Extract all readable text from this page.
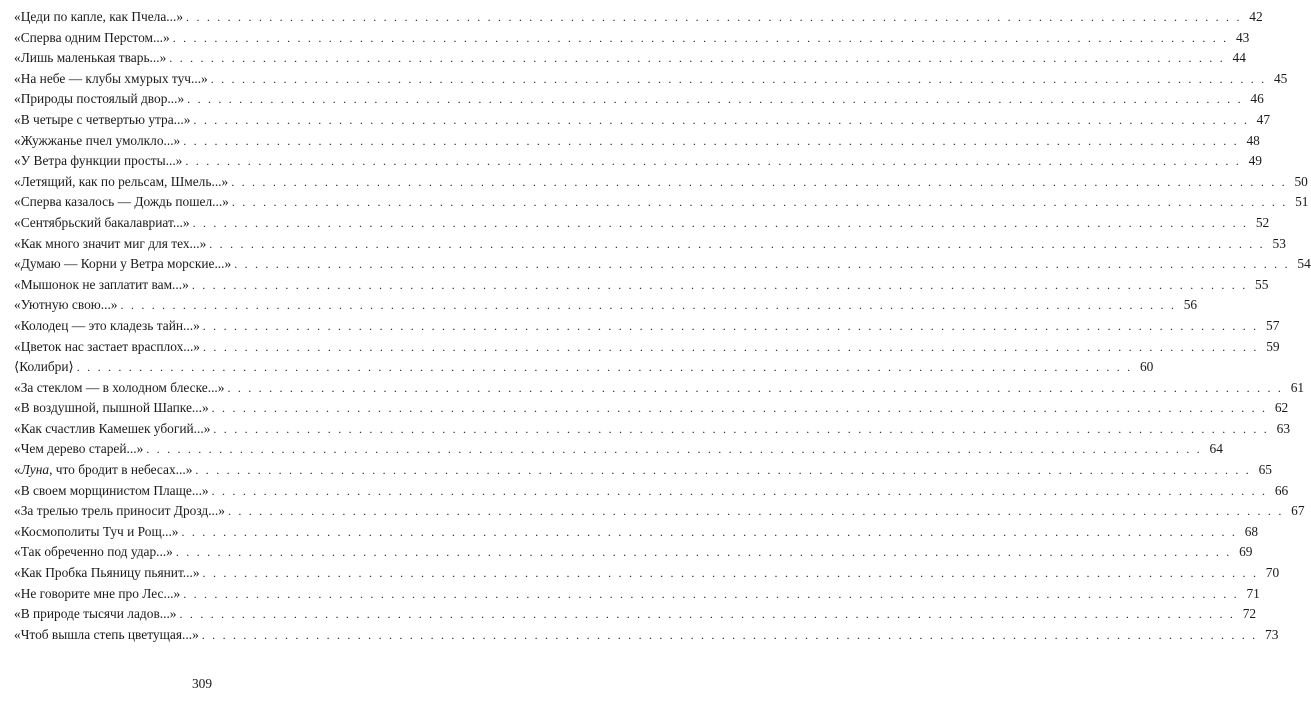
«Цеди по капле, как Пчела...» . . .	42
«Сперва одним Перстом...» . . .	43
«Лишь маленькая тварь...» . . .	44
«На небе — клубы хмурых туч...» . . .	45
«Природы постоялый двор...» . . .	46
«В четыре с четвертью утра...» . . .	47
«Жужжанье пчел умолкло...» . . .	48
«У Ветра функции просты...» . . .	49
«Летящий, как по рельсам, Шмель...» . . .	50
«Сперва казалось — Дождь пошел...» . . .	51
«Сентябрьский бакалавриат...» . . .	52
«Как много значит миг для тех...» . . .	53
«Думаю — Корни у Ветра морские...» . . .	54
«Мышонок не заплатит вам...» . . .	55
«Уютную свою...» . . .	56
«Колодец — это кладезь тайн...» . . .	57
«Цветок нас застает врасплох...» . . .	59
⟨Колибри⟩ . . .	60
«За стеклом — в холодном блеске...» . . .	61
«В воздушной, пышной Шапке...» . . .	62
«Как счастлив Камешек убогий...» . . .	63
«Чем дерево старей...» . . .	64
«Луна, что бродит в небесах...» . . .	65
«В своем морщинистом Плаще...» . . .	66
«За трелью трель приносит Дрозд...» . . .	67
«Космополиты Туч и Рощ...» . . .	68
«Так обреченно под удар...» . . .	69
«Как Пробка Пьяницу пьянит...» . . .	70
«Не говорите мне про Лес...» . . .	71
«В природе тысячи ладов...» . . .	72
«Чтоб вышла степь цветущая...» . . .	73
309
